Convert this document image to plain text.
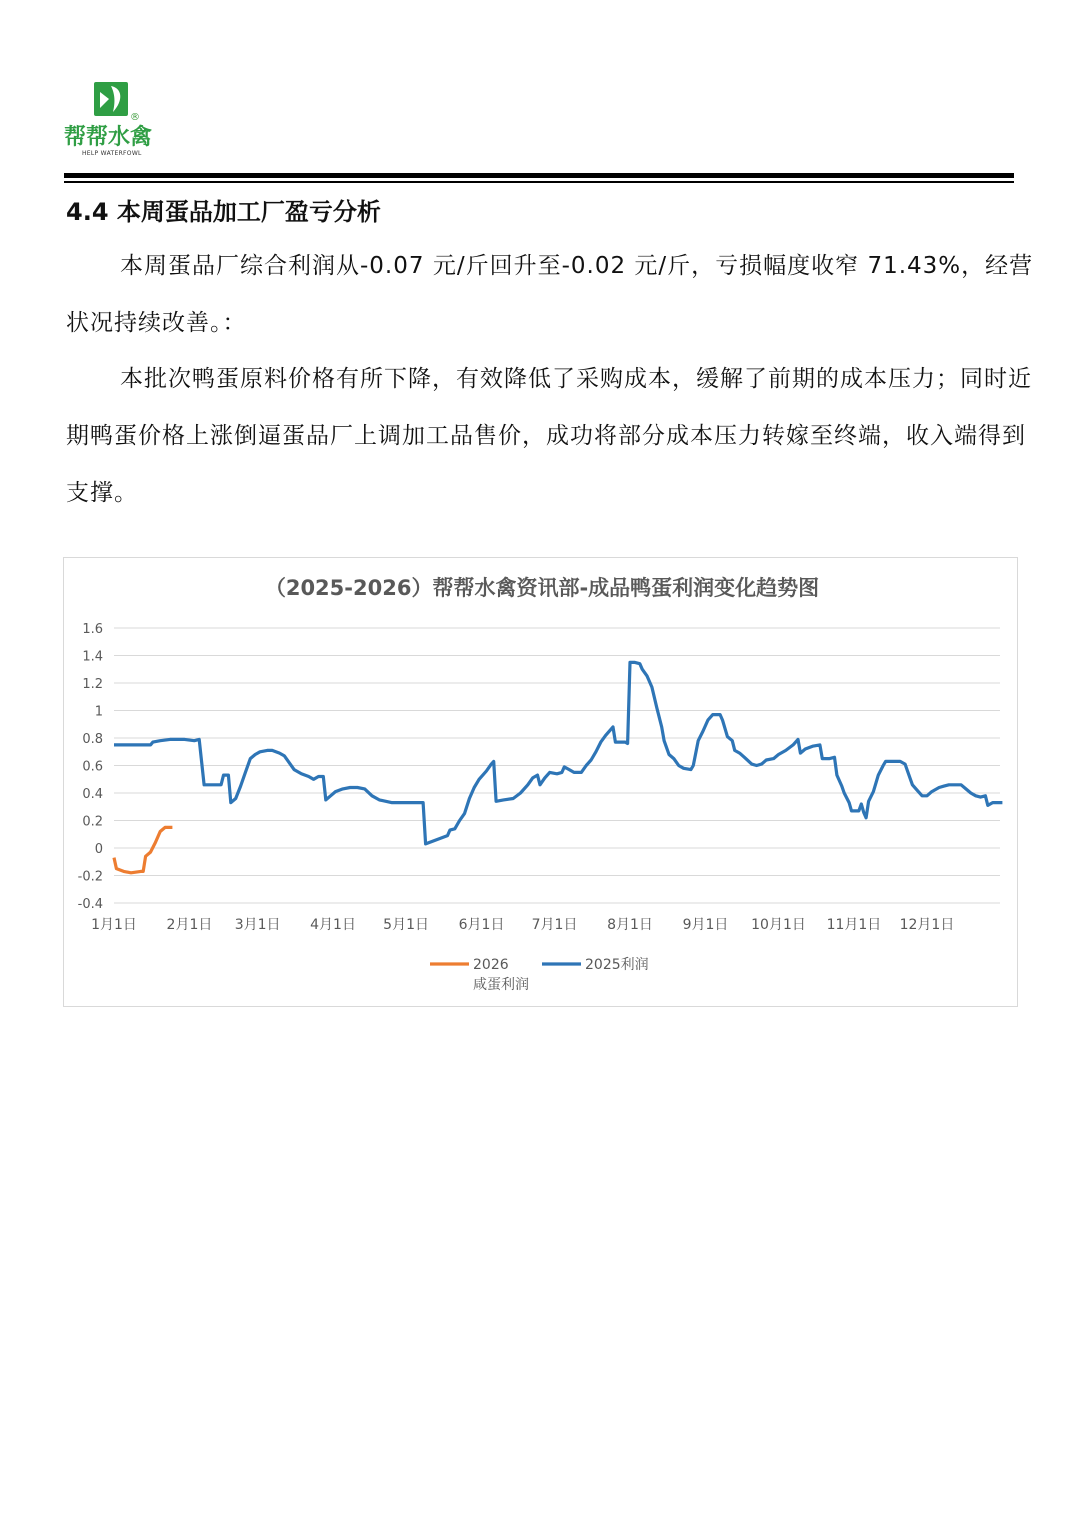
®
帮帮水禽
HELP WATERFOWL
4.4 本周蛋品加工厂盈亏分析
本周蛋品厂综合利润从-0.07 元/斤回升至-0.02 元/斤，亏损幅度收窄 71.43%，经营状况持续改善。：
本批次鸭蛋原料价格有所下降，有效降低了采购成本，缓解了前期的成本压力；同时近期鸭蛋价格上涨倒逼蛋品厂上调加工品售价，成功将部分成本压力转嫁至终端，收入端得到支撑。
（2025-2026）帮帮水禽资讯部-成品鸭蛋利润变化趋势图
1.6
1.4
1.2
1
0.8
0.6
0.4
0.2
0
-0.2
-0.4
1月1日 2月1日 3月1日 4月1日 5月1日 6月1日 7月1日 8月1日 9月1日 10月1日 11月1日 12月1日
2026 咸蛋利润
2025利润
